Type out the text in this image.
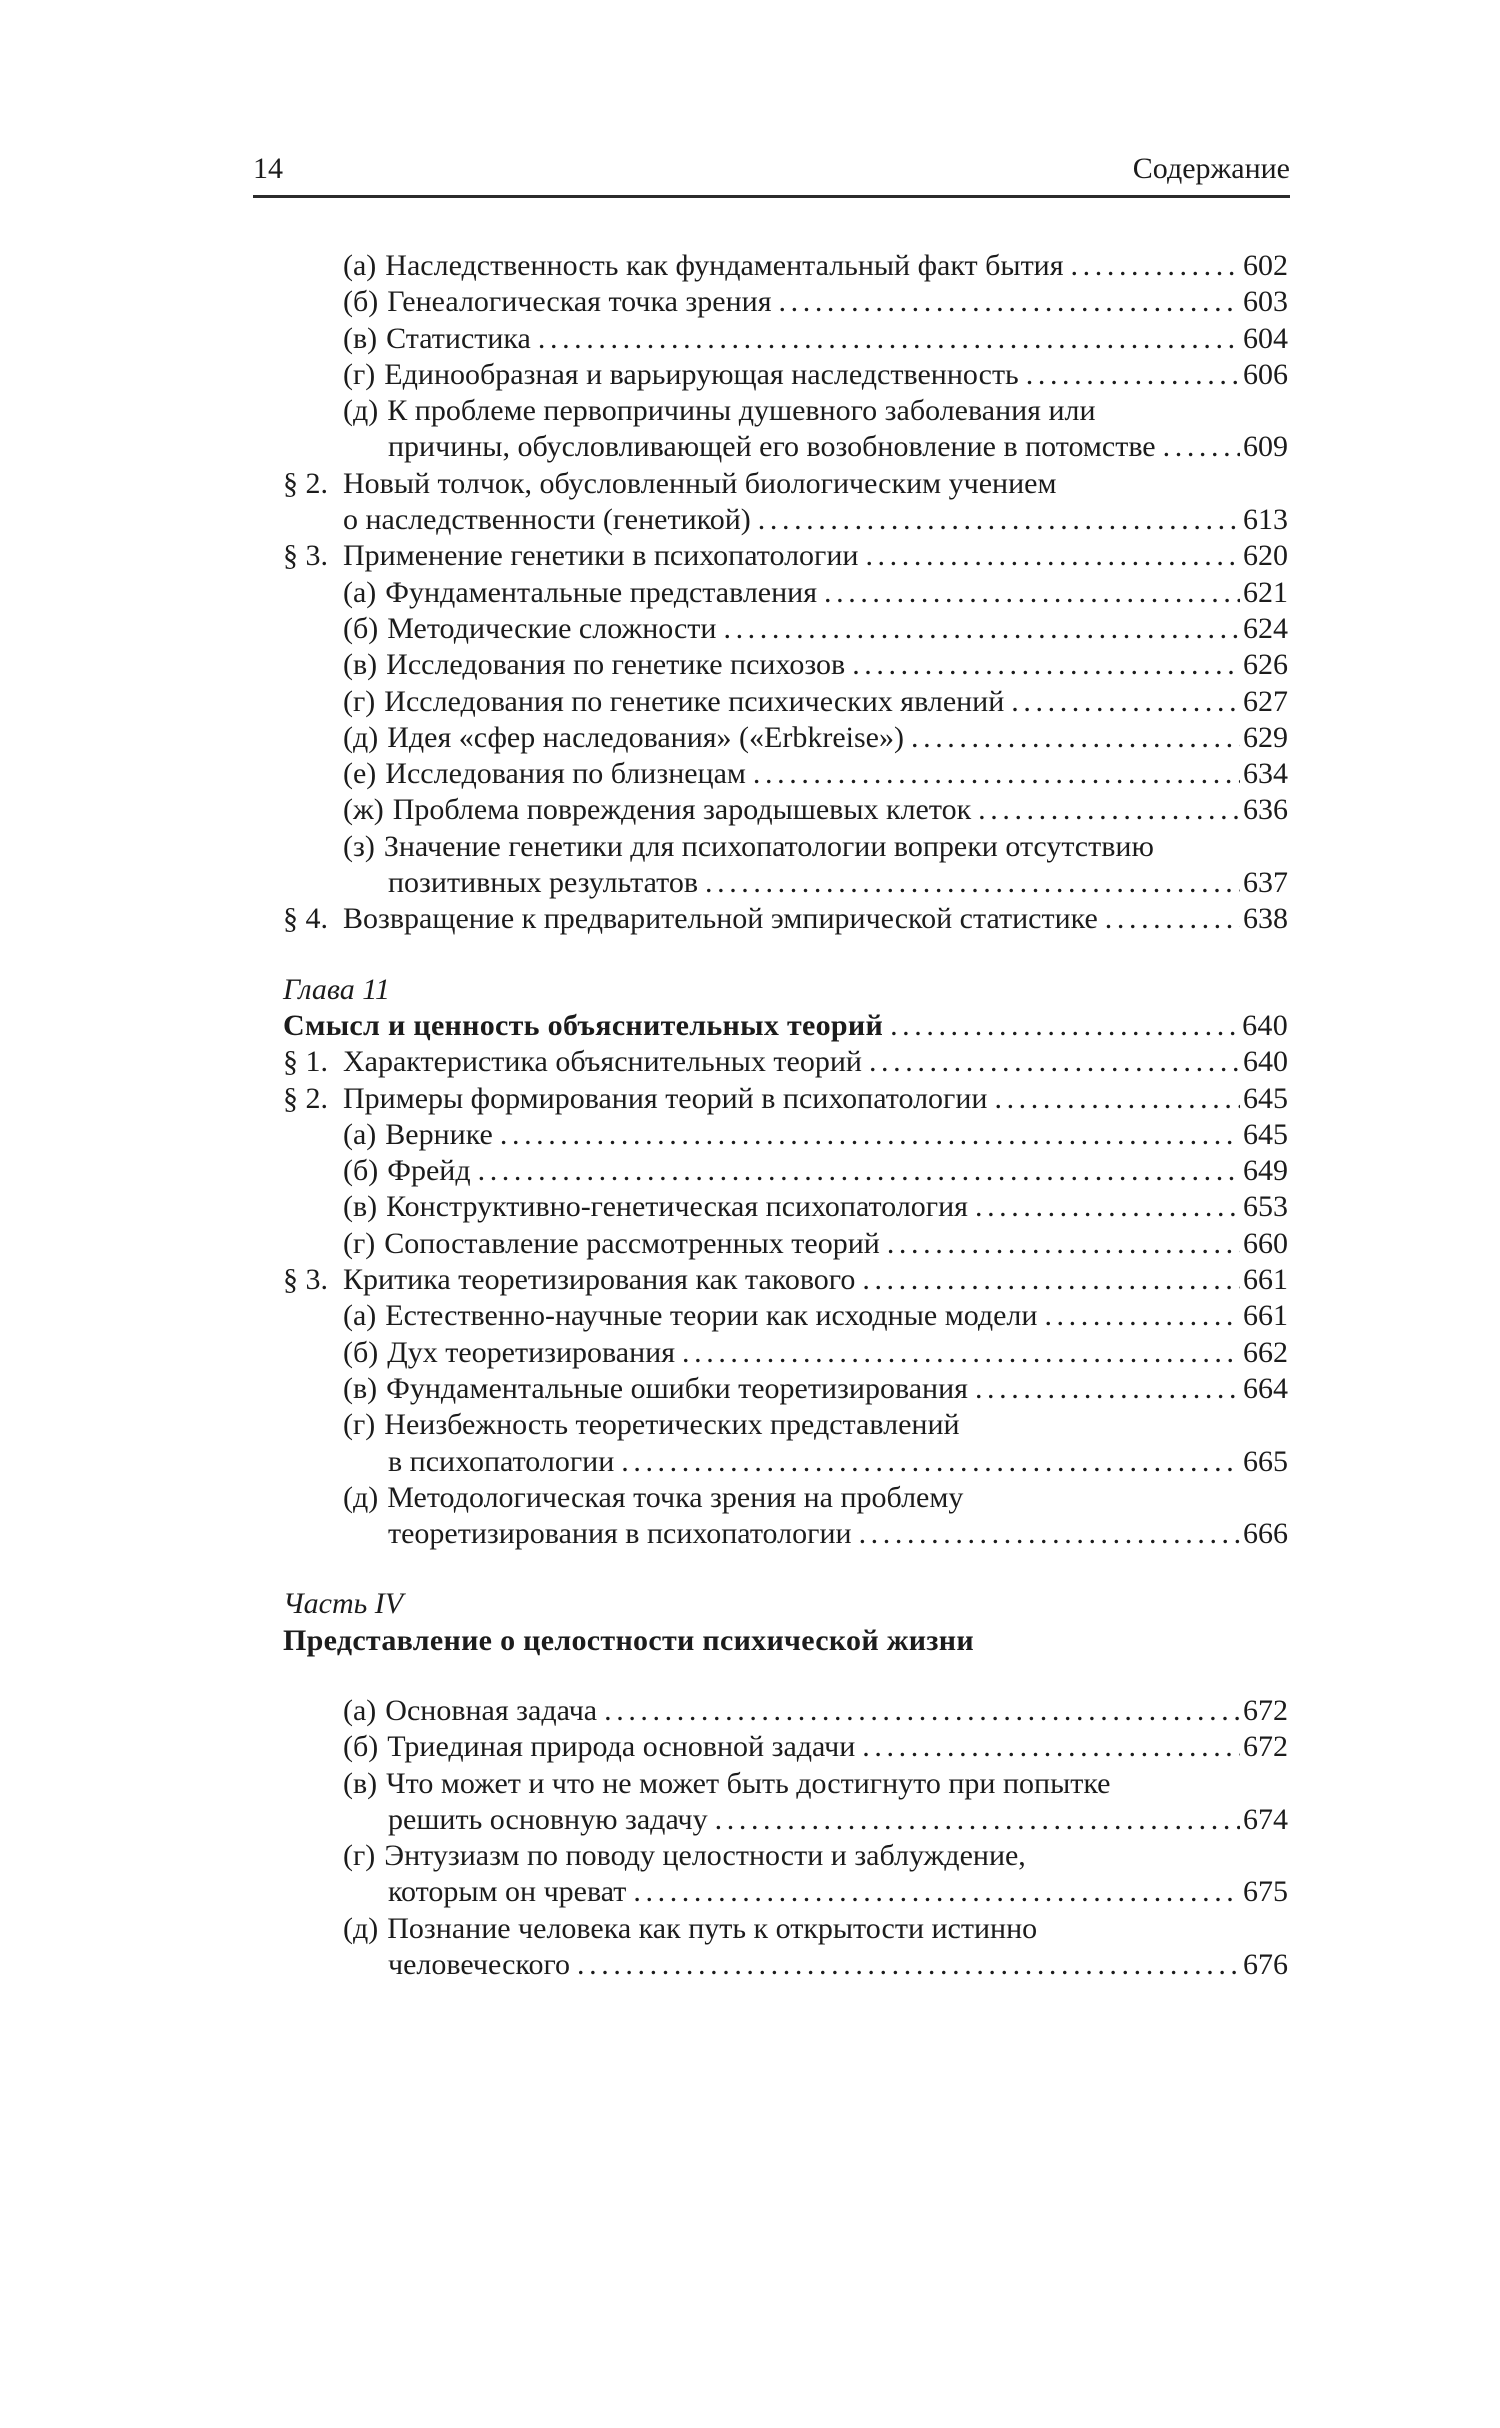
14	Содержание
(а) Наследственность как фундаментальный факт бытия .....	602
(б) Генеалогическая точка зрения .....	603
(в) Статистика .....	604
(г) Единообразная и варьирующая наследственность .....	606
(д) К проблеме первопричины душевного заболевания или
причины, обусловливающей его возобновление в потомстве .....	609
§ 2. Новый толчок, обусловленный биологическим учением
о наследственности (генетикой) .....	613
§ 3. Применение генетики в психопатологии .....	620
(а) Фундаментальные представления .....	621
(б) Методические сложности .....	624
(в) Исследования по генетике психозов .....	626
(г) Исследования по генетике психических явлений .....	627
(д) Идея «сфер наследования» («Erbkreise») .....	629
(е) Исследования по близнецам .....	634
(ж) Проблема повреждения зародышевых клеток .....	636
(з) Значение генетики для психопатологии вопреки отсутствию
позитивных результатов .....	637
§ 4. Возвращение к предварительной эмпирической статистике .....	638
Глава 11
Смысл и ценность объяснительных теорий .....	640
§ 1. Характеристика объяснительных теорий .....	640
§ 2. Примеры формирования теорий в психопатологии .....	645
(а) Вернике .....	645
(б) Фрейд .....	649
(в) Конструктивно-генетическая психопатология .....	653
(г) Сопоставление рассмотренных теорий .....	660
§ 3. Критика теоретизирования как такового .....	661
(а) Естественно-научные теории как исходные модели .....	661
(б) Дух теоретизирования .....	662
(в) Фундаментальные ошибки теоретизирования .....	664
(г) Неизбежность теоретических представлений
в психопатологии .....	665
(д) Методологическая точка зрения на проблему
теоретизирования в психопатологии .....	666
Часть IV
Представление о целостности психической жизни
(а) Основная задача .....	672
(б) Триединая природа основной задачи .....	672
(в) Что может и что не может быть достигнуто при попытке
решить основную задачу .....	674
(г) Энтузиазм по поводу целостности и заблуждение,
которым он чреват .....	675
(д) Познание человека как путь к открытости истинно
человеческого .....	676
